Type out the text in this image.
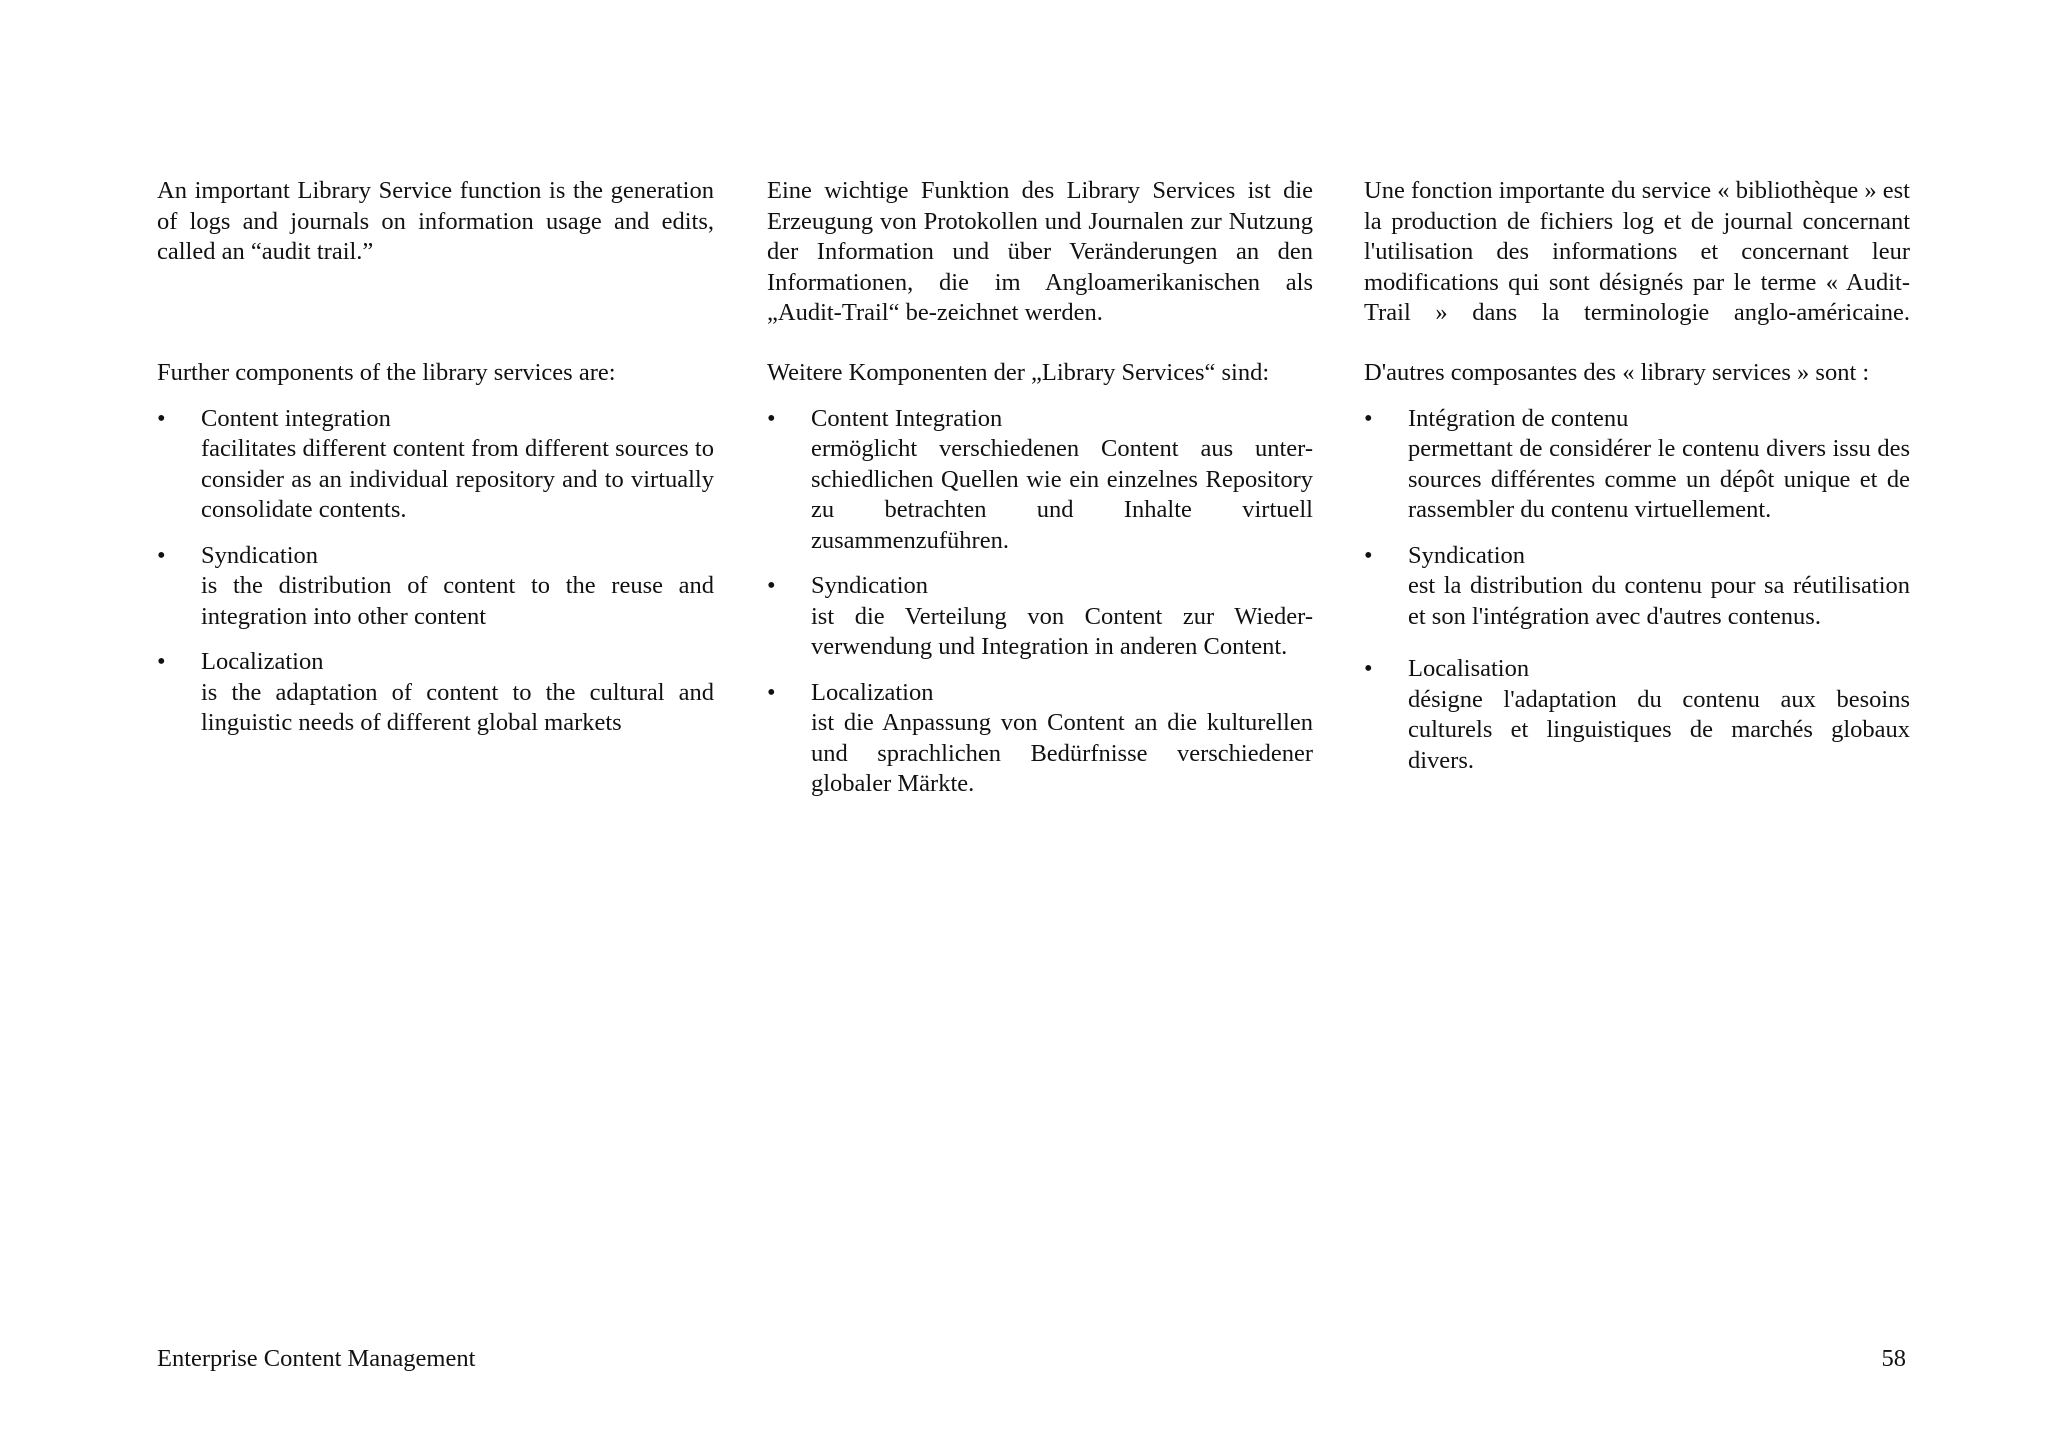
An important Library Service function is the generation of logs and journals on information usage and edits, called an “audit trail.”

Further components of the library services are:

•	Content integration
facilitates different content from different sources to consider as an individual repository and to virtually consolidate contents.
•	Syndication
is the distribution of content to the reuse and integration into other content
•	Localization
is the adaptation of content to the cultural and linguistic needs of different global markets

Eine wichtige Funktion des Library Services ist die Erzeugung von Protokollen und Journalen zur Nutzung der Information und über Veränderungen an den Informationen, die im Angloamerikanischen als „Audit-Trail“ be-zeichnet werden.

Weitere Komponenten der „Library Services“ sind:

•	Content Integration
ermöglicht verschiedenen Content aus unter-schiedlichen Quellen wie ein einzelnes Repository zu betrachten und Inhalte virtuell zusammenzuführen.
•	Syndication
ist die Verteilung von Content zur Wieder-verwendung und Integration in anderen Content.
•	Localization
ist die Anpassung von Content an die kulturellen und sprachlichen Bedürfnisse verschiedener globaler Märkte.

Une fonction importante du service « bibliothèque » est la production de fichiers log et de journal concernant l'utilisation des informations et concernant leur modifications qui sont désignés par le terme « Audit-Trail » dans la terminologie anglo-américaine.

D'autres composantes des « library services » sont :

•	Intégration de contenu
permettant de considérer le contenu divers issu des sources différentes comme un dépôt unique et de rassembler du contenu virtuellement.
•	Syndication
est la distribution du contenu pour sa réutilisation et son l'intégration avec d'autres contenus.
•	Localisation
désigne l'adaptation du contenu aux besoins culturels et linguistiques de marchés globaux divers.
Enterprise Content Management	58
